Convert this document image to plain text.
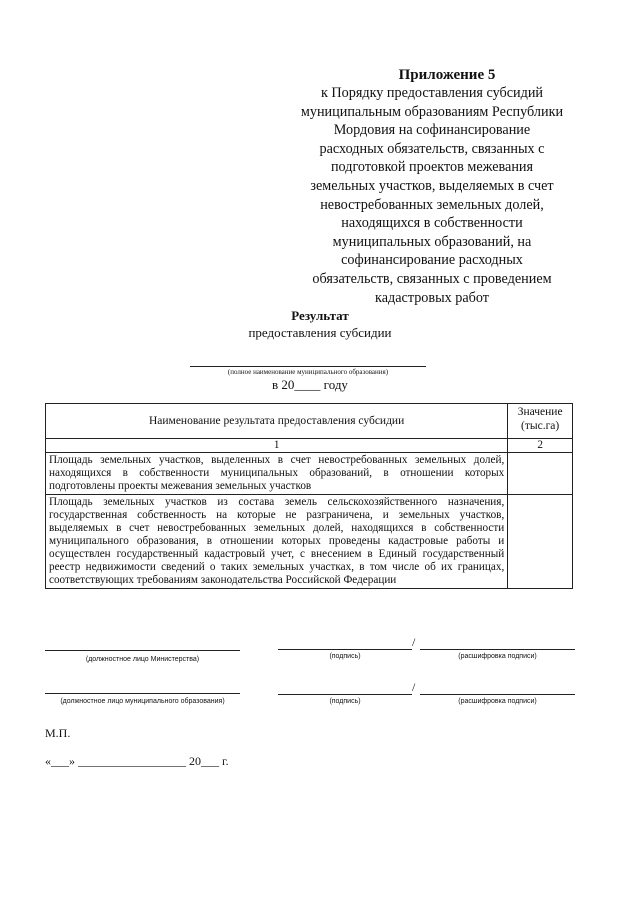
Приложение 5
к Порядку предоставления субсидий
муниципальным образованиям Республики
Мордовия на софинансирование
расходных обязательств, связанных с
подготовкой проектов межевания
земельных участков, выделяемых в счет
невостребованных земельных долей,
находящихся в собственности
муниципальных образований, на
софинансирование расходных
обязательств, связанных с проведением
кадастровых работ
Результат
предоставления субсидии
(полное наименование муниципального образования)
в 20____ году
Наименование результата предоставления субсидии	Значение (тыс.га)
1	2
Площадь земельных участков, выделенных в счет невостребованных земельных долей, находящихся в собственности муниципальных образований, в отношении которых подготовлены проекты межевания земельных участков	
Площадь земельных участков из состава земель сельскохозяйственного назначения, государственная собственность на которые не разграничена, и земельных участков, выделяемых в счет невостребованных земельных долей, находящихся в собственности муниципального образования, в отношении которых проведены кадастровые работы и осуществлен государственный кадастровый учет, с внесением в Единый государственный реестр недвижимости сведений о таких земельных участках, в том числе об их границах, соответствующих требованиям законодательства Российской Федерации	
(должностное лицо Министерства)	(подпись)
/
(расшифровка подписи)
(должностное лицо муниципального образования)	(подпись)
/
(расшифровка подписи)
М.П.
«___» __________________ 20___ г.
